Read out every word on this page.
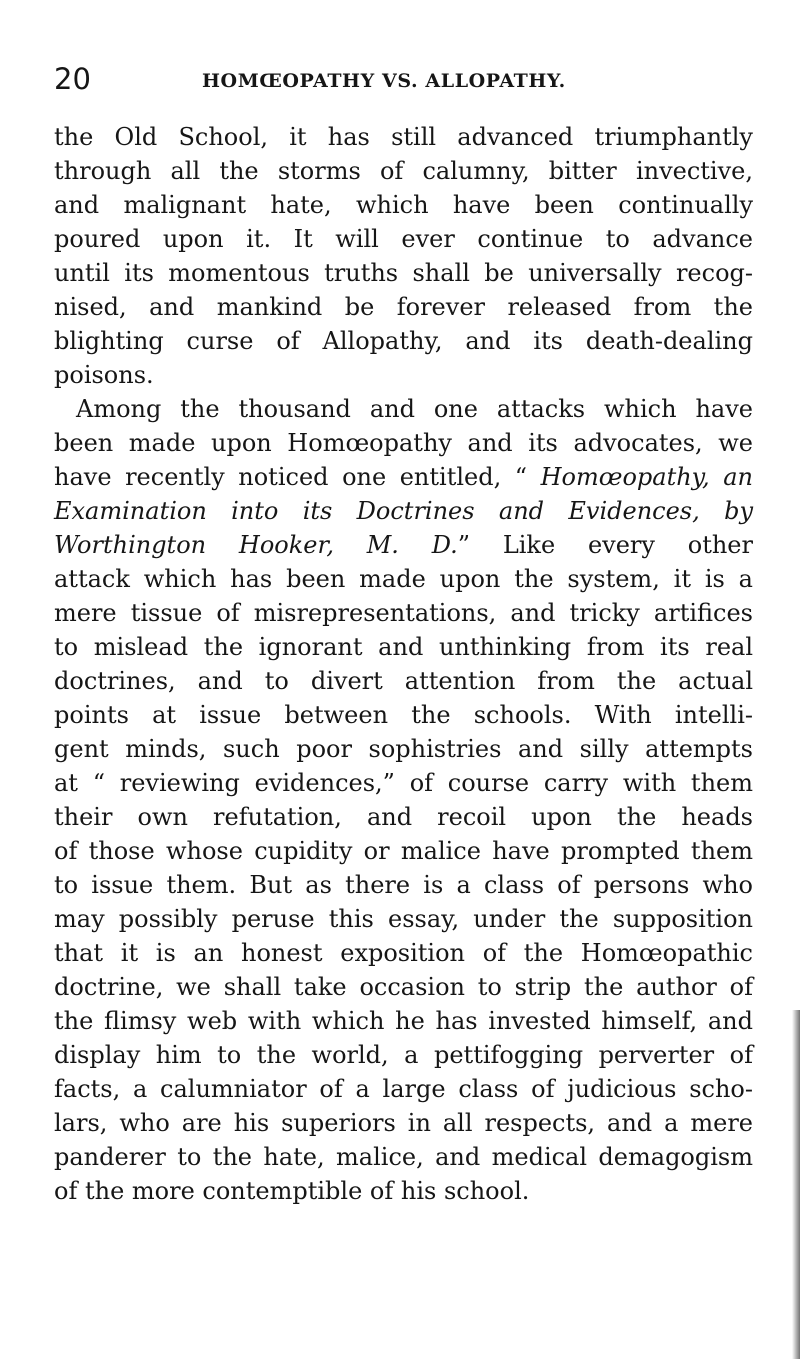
20	HOMŒOPATHY VS. ALLOPATHY.
the Old School, it has still advanced triumphantly
through all the storms of calumny, bitter invective,
and malignant hate, which have been continually
poured upon it. It will ever continue to advance
until its momentous truths shall be universally recog-
nised, and mankind be forever released from the
blighting curse of Allopathy, and its death-dealing
poisons.
Among the thousand and one attacks which have
been made upon Homœopathy and its advocates, we
have recently noticed one entitled, “ Homœopathy, an
Examination into its Doctrines and Evidences, by
Worthington Hooker, M. D.” Like every other
attack which has been made upon the system, it is a
mere tissue of misrepresentations, and tricky artifices
to mislead the ignorant and unthinking from its real
doctrines, and to divert attention from the actual
points at issue between the schools. With intelli-
gent minds, such poor sophistries and silly attempts
at “ reviewing evidences,” of course carry with them
their own refutation, and recoil upon the heads
of those whose cupidity or malice have prompted them
to issue them. But as there is a class of persons who
may possibly peruse this essay, under the supposition
that it is an honest exposition of the Homœopathic
doctrine, we shall take occasion to strip the author of
the flimsy web with which he has invested himself, and
display him to the world, a pettifogging perverter of
facts, a calumniator of a large class of judicious scho-
lars, who are his superiors in all respects, and a mere
panderer to the hate, malice, and medical demagogism
of the more contemptible of his school.
